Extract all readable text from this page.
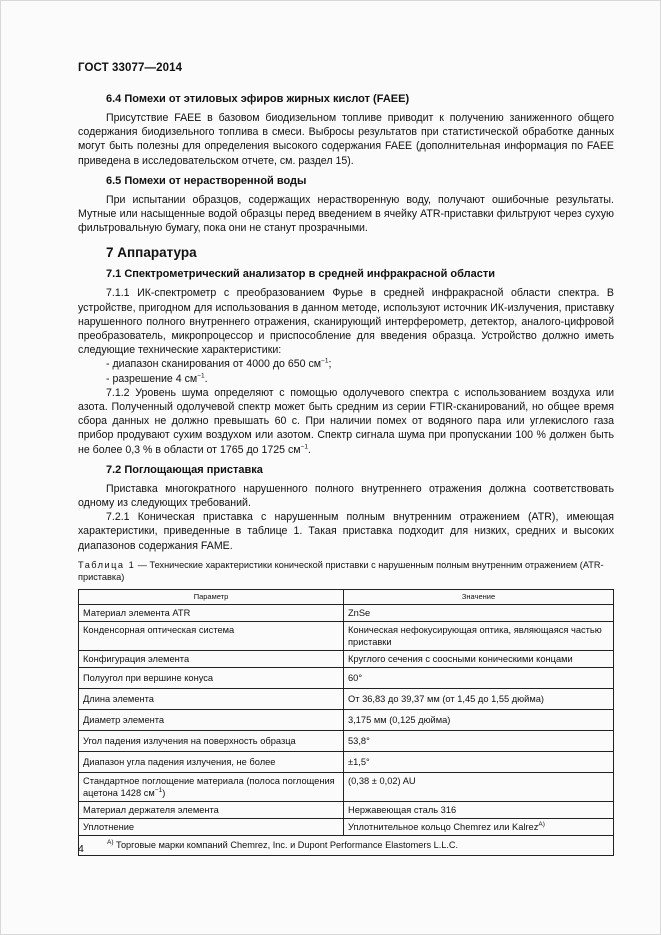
ГОСТ 33077—2014
6.4 Помехи от этиловых эфиров жирных кислот (FAEE)

Присутствие FAEE в базовом биодизельном топливе приводит к получению заниженного общего содержания биодизельного топлива в смеси. Выбросы результатов при статистической обработке данных могут быть полезны для определения высокого содержания FAEE (дополнительная информация по FAEE приведена в исследовательском отчете, см. раздел 15).

6.5 Помехи от нерастворенной воды

При испытании образцов, содержащих нерастворенную воду, получают ошибочные результаты. Мутные или насыщенные водой образцы перед введением в ячейку ATR-приставки фильтруют через сухую фильтровальную бумагу, пока они не станут прозрачными.

7 Аппаратура
7.1 Спектрометрический анализатор в средней инфракрасной области

7.1.1 ИК-спектрометр с преобразованием Фурье в средней инфракрасной области спектра. В устройстве, пригодном для использования в данном методе, используют источник ИК-излучения, приставку нарушенного полного внутреннего отражения, сканирующий интерферометр, детектор, аналого-цифровой преобразователь, микропроцессор и приспособление для введения образца. Устройство должно иметь следующие технические характеристики:

- диапазон сканирования от 4000 до 650 $см^{-1}$;
- разрешение 4 $см^{-1}$.

7.1.2 Уровень шума определяют с помощью одолучевого спектра с использованием воздуха или азота. Полученный одолучевой спектр может быть средним из серии FTIR-сканирований, но общее время сбора данных не должно превышать 60 с. При наличии помех от водяного пара или углекислого газа прибор продувают сухим воздухом или азотом. Спектр сигнала шума при пропускании 100 % должен быть не более 0,3 % в области от 1765 до 1725 $см^{-1}$.

7.2 Поглощающая приставка

Приставка многократного нарушенного полного внутреннего отражения должна соответствовать одному из следующих требований.

7.2.1 Коническая приставка с нарушенным полным внутренним отражением (ATR), имеющая характеристики, приведенные в таблице 1. Такая приставка подходит для низких, средних и высоких диапазонов содержания FAME.

Таблица 1 — Технические характеристики конической приставки с нарушенным полным внутренним отражением (ATR-приставка)
Параметр	Значение
Материал элемента ATR	ZnSe
Конденсорная оптическая система	Коническая нефокусирующая оптика, являющаяся частью приставки
Конфигурация элемента	Круглого сечения с соосными коническими концами
Полуугол при вершине конуса	60°
Длина элемента	От 36,83 до 39,37 мм (от 1,45 до 1,55 дюйма)
Диаметр элемента	3,175 мм (0,125 дюйма)
Угол падения излучения на поверхность образца	53,8°
Диапазон угла падения излучения, не более	±1,5°
Стандартное поглощение материала (полоса поглощения ацетона 1428 $см^{-1}$)	(0,38 ± 0,02) AU
Материал держателя элемента	Нержавеющая сталь 316
Уплотнение	Уплотнительное кольцо Chemrez или Kalrez$^{A)}$
$^{A)}$ Торговые марки компаний Chemrez, Inc. и Dupont Performance Elastomers L.L.C.	
4
